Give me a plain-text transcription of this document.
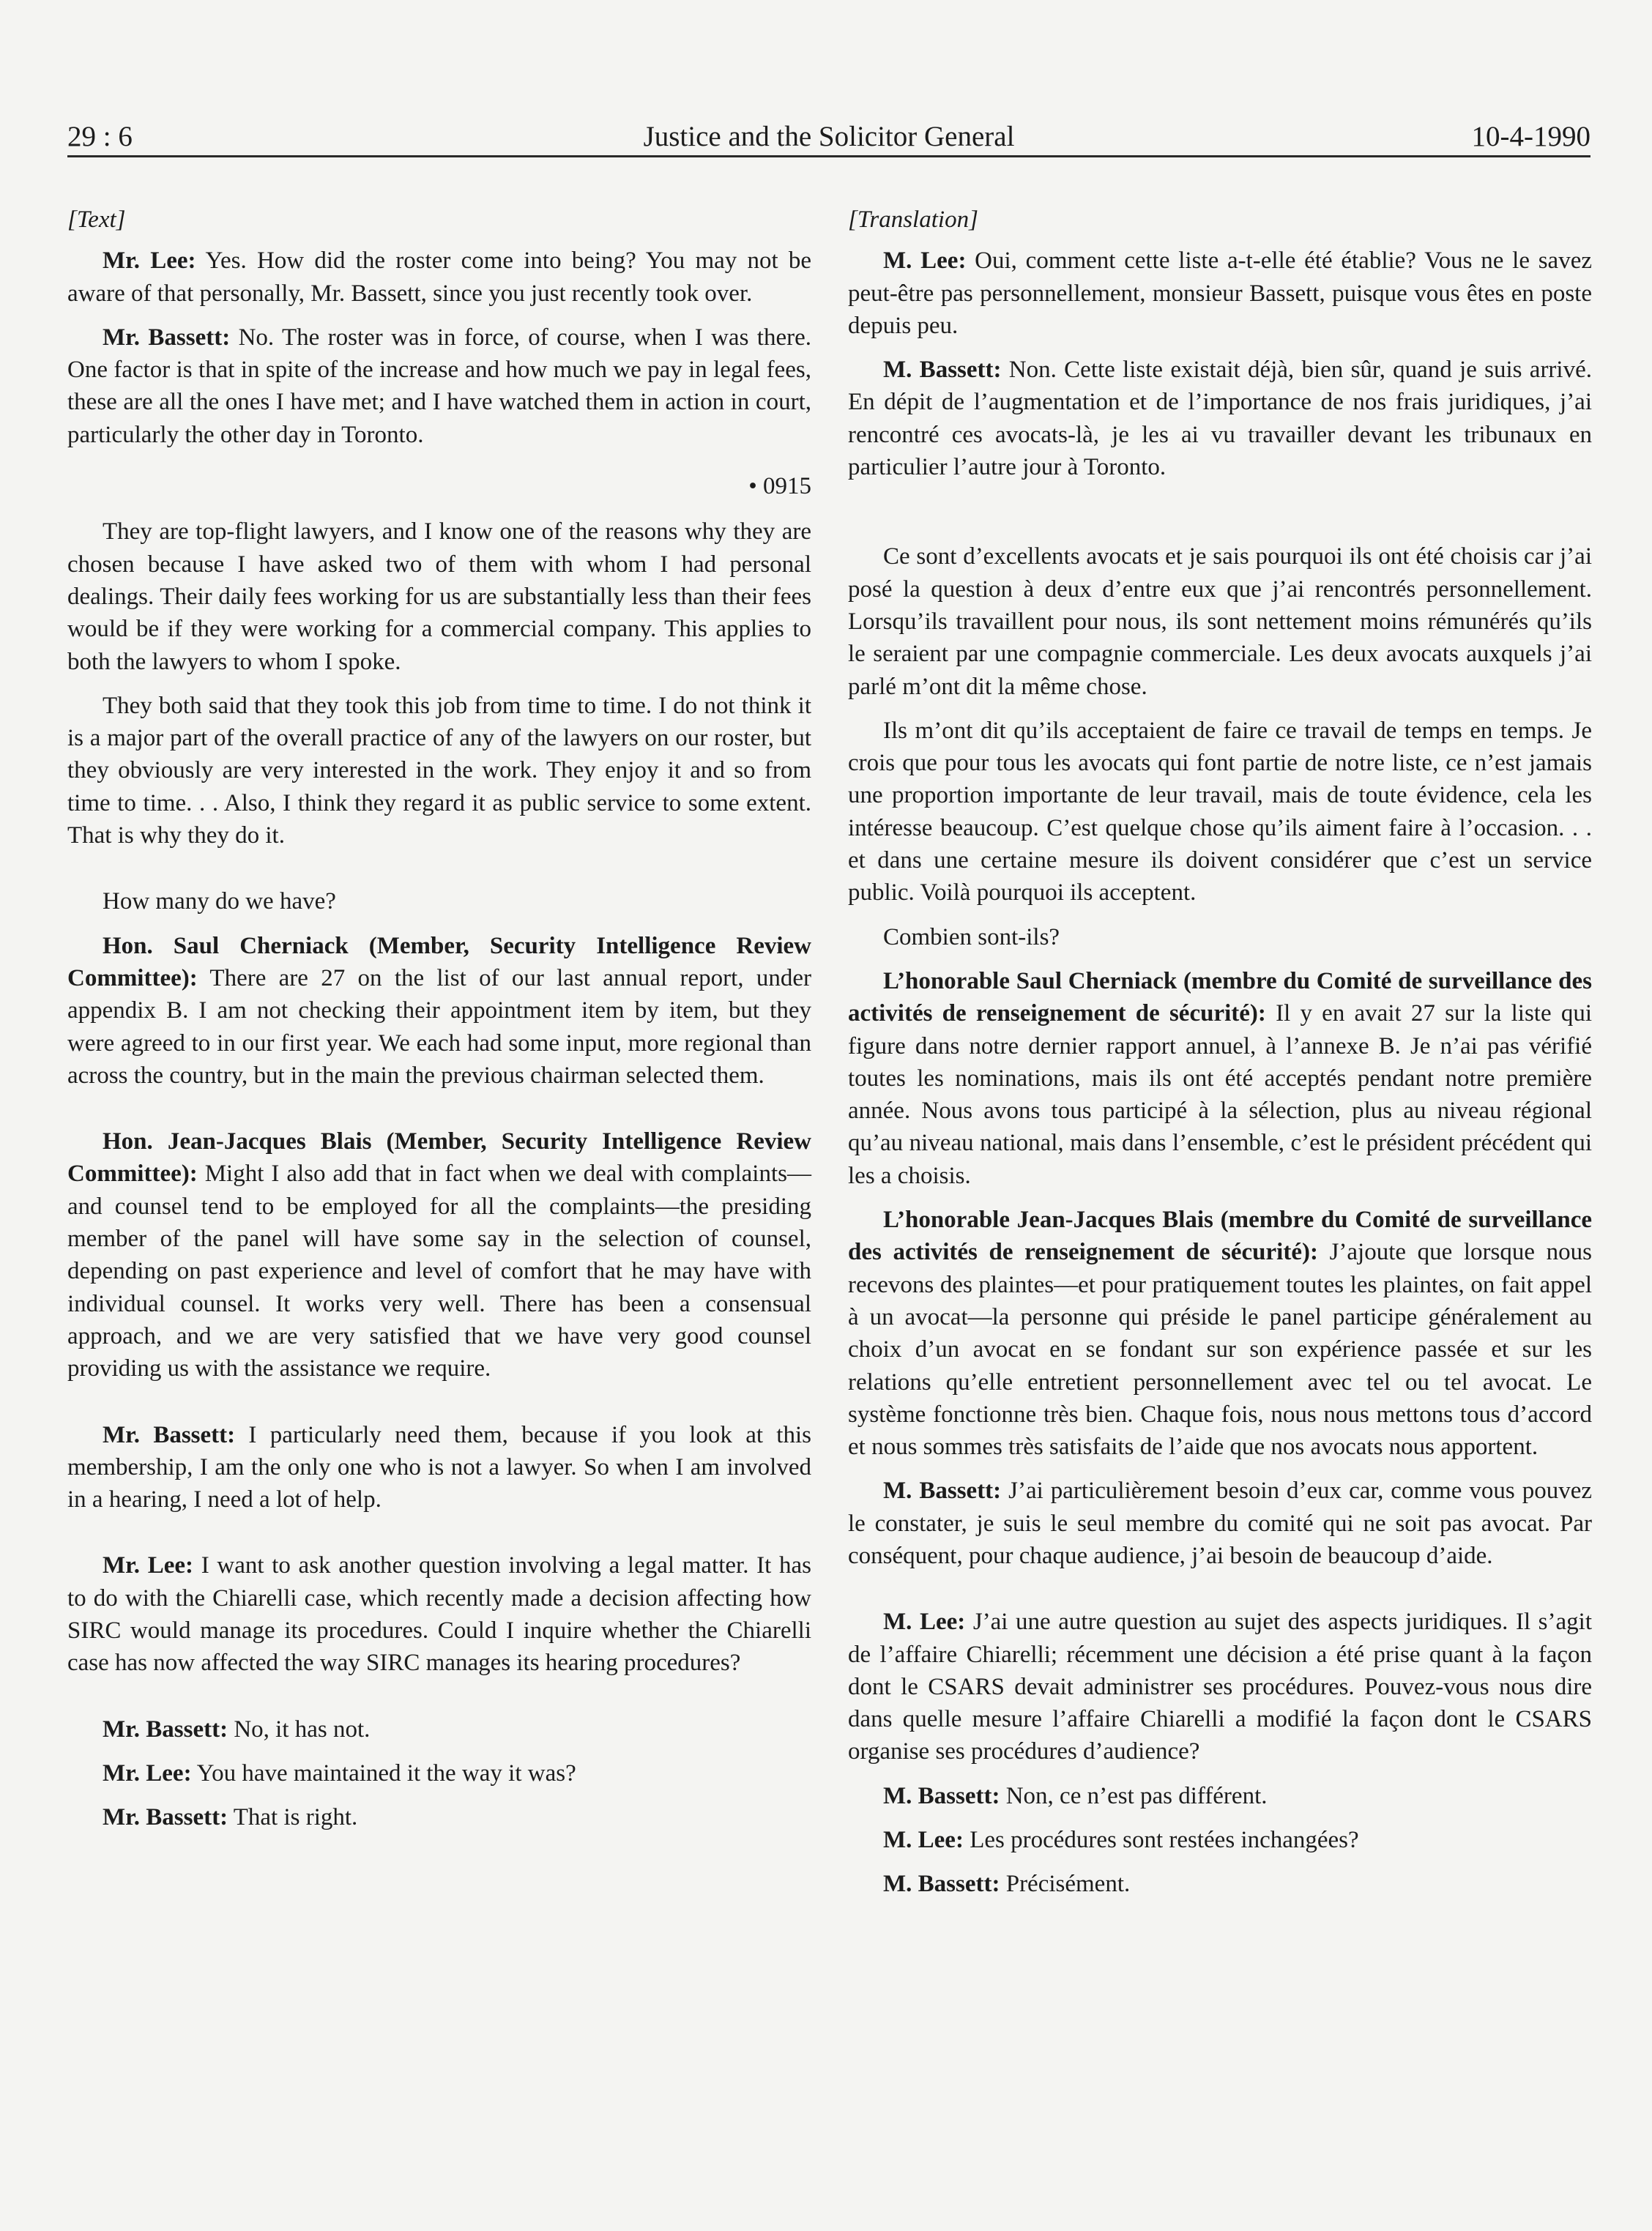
29 : 6	Justice and the Solicitor General	10-4-1990

[Text]

Mr. Lee: Yes. How did the roster come into being? You may not be aware of that personally, Mr. Bassett, since you just recently took over.

Mr. Bassett: No. The roster was in force, of course, when I was there. One factor is that in spite of the increase and how much we pay in legal fees, these are all the ones I have met; and I have watched them in action in court, particularly the other day in Toronto.

• 0915

They are top-flight lawyers, and I know one of the reasons why they are chosen because I have asked two of them with whom I had personal dealings. Their daily fees working for us are substantially less than their fees would be if they were working for a commercial company. This applies to both the lawyers to whom I spoke.

They both said that they took this job from time to time. I do not think it is a major part of the overall practice of any of the lawyers on our roster, but they obviously are very interested in the work. They enjoy it and so from time to time. . . Also, I think they regard it as public service to some extent. That is why they do it.

How many do we have?

Hon. Saul Cherniack (Member, Security Intelligence Review Committee): There are 27 on the list of our last annual report, under appendix B. I am not checking their appointment item by item, but they were agreed to in our first year. We each had some input, more regional than across the country, but in the main the previous chairman selected them.

Hon. Jean-Jacques Blais (Member, Security Intelligence Review Committee): Might I also add that in fact when we deal with complaints—and counsel tend to be employed for all the complaints—the presiding member of the panel will have some say in the selection of counsel, depending on past experience and level of comfort that he may have with individual counsel. It works very well. There has been a consensual approach, and we are very satisfied that we have very good counsel providing us with the assistance we require.

Mr. Bassett: I particularly need them, because if you look at this membership, I am the only one who is not a lawyer. So when I am involved in a hearing, I need a lot of help.

Mr. Lee: I want to ask another question involving a legal matter. It has to do with the Chiarelli case, which recently made a decision affecting how SIRC would manage its procedures. Could I inquire whether the Chiarelli case has now affected the way SIRC manages its hearing procedures?

Mr. Bassett: No, it has not.

Mr. Lee: You have maintained it the way it was?

Mr. Bassett: That is right.

[Translation]

M. Lee: Oui, comment cette liste a-t-elle été établie? Vous ne le savez peut-être pas personnellement, monsieur Bassett, puisque vous êtes en poste depuis peu.

M. Bassett: Non. Cette liste existait déjà, bien sûr, quand je suis arrivé. En dépit de l’augmentation et de l’importance de nos frais juridiques, j’ai rencontré ces avocats-là, je les ai vu travailler devant les tribunaux en particulier l’autre jour à Toronto.

Ce sont d’excellents avocats et je sais pourquoi ils ont été choisis car j’ai posé la question à deux d’entre eux que j’ai rencontrés personnellement. Lorsqu’ils travaillent pour nous, ils sont nettement moins rémunérés qu’ils le seraient par une compagnie commerciale. Les deux avocats auxquels j’ai parlé m’ont dit la même chose.

Ils m’ont dit qu’ils acceptaient de faire ce travail de temps en temps. Je crois que pour tous les avocats qui font partie de notre liste, ce n’est jamais une proportion importante de leur travail, mais de toute évidence, cela les intéresse beaucoup. C’est quelque chose qu’ils aiment faire à l’occasion. . . et dans une certaine mesure ils doivent considérer que c’est un service public. Voilà pourquoi ils acceptent.

Combien sont-ils?

L’honorable Saul Cherniack (membre du Comité de surveillance des activités de renseignement de sécurité): Il y en avait 27 sur la liste qui figure dans notre dernier rapport annuel, à l’annexe B. Je n’ai pas vérifié toutes les nominations, mais ils ont été acceptés pendant notre première année. Nous avons tous participé à la sélection, plus au niveau régional qu’au niveau national, mais dans l’ensemble, c’est le président précédent qui les a choisis.

L’honorable Jean-Jacques Blais (membre du Comité de surveillance des activités de renseignement de sécurité): J’ajoute que lorsque nous recevons des plaintes—et pour pratiquement toutes les plaintes, on fait appel à un avocat—la personne qui préside le panel participe généralement au choix d’un avocat en se fondant sur son expérience passée et sur les relations qu’elle entretient personnellement avec tel ou tel avocat. Le système fonctionne très bien. Chaque fois, nous nous mettons tous d’accord et nous sommes très satisfaits de l’aide que nos avocats nous apportent.

M. Bassett: J’ai particulièrement besoin d’eux car, comme vous pouvez le constater, je suis le seul membre du comité qui ne soit pas avocat. Par conséquent, pour chaque audience, j’ai besoin de beaucoup d’aide.

M. Lee: J’ai une autre question au sujet des aspects juridiques. Il s’agit de l’affaire Chiarelli; récemment une décision a été prise quant à la façon dont le CSARS devait administrer ses procédures. Pouvez-vous nous dire dans quelle mesure l’affaire Chiarelli a modifié la façon dont le CSARS organise ses procédures d’audience?

M. Bassett: Non, ce n’est pas différent.

M. Lee: Les procédures sont restées inchangées?

M. Bassett: Précisément.
